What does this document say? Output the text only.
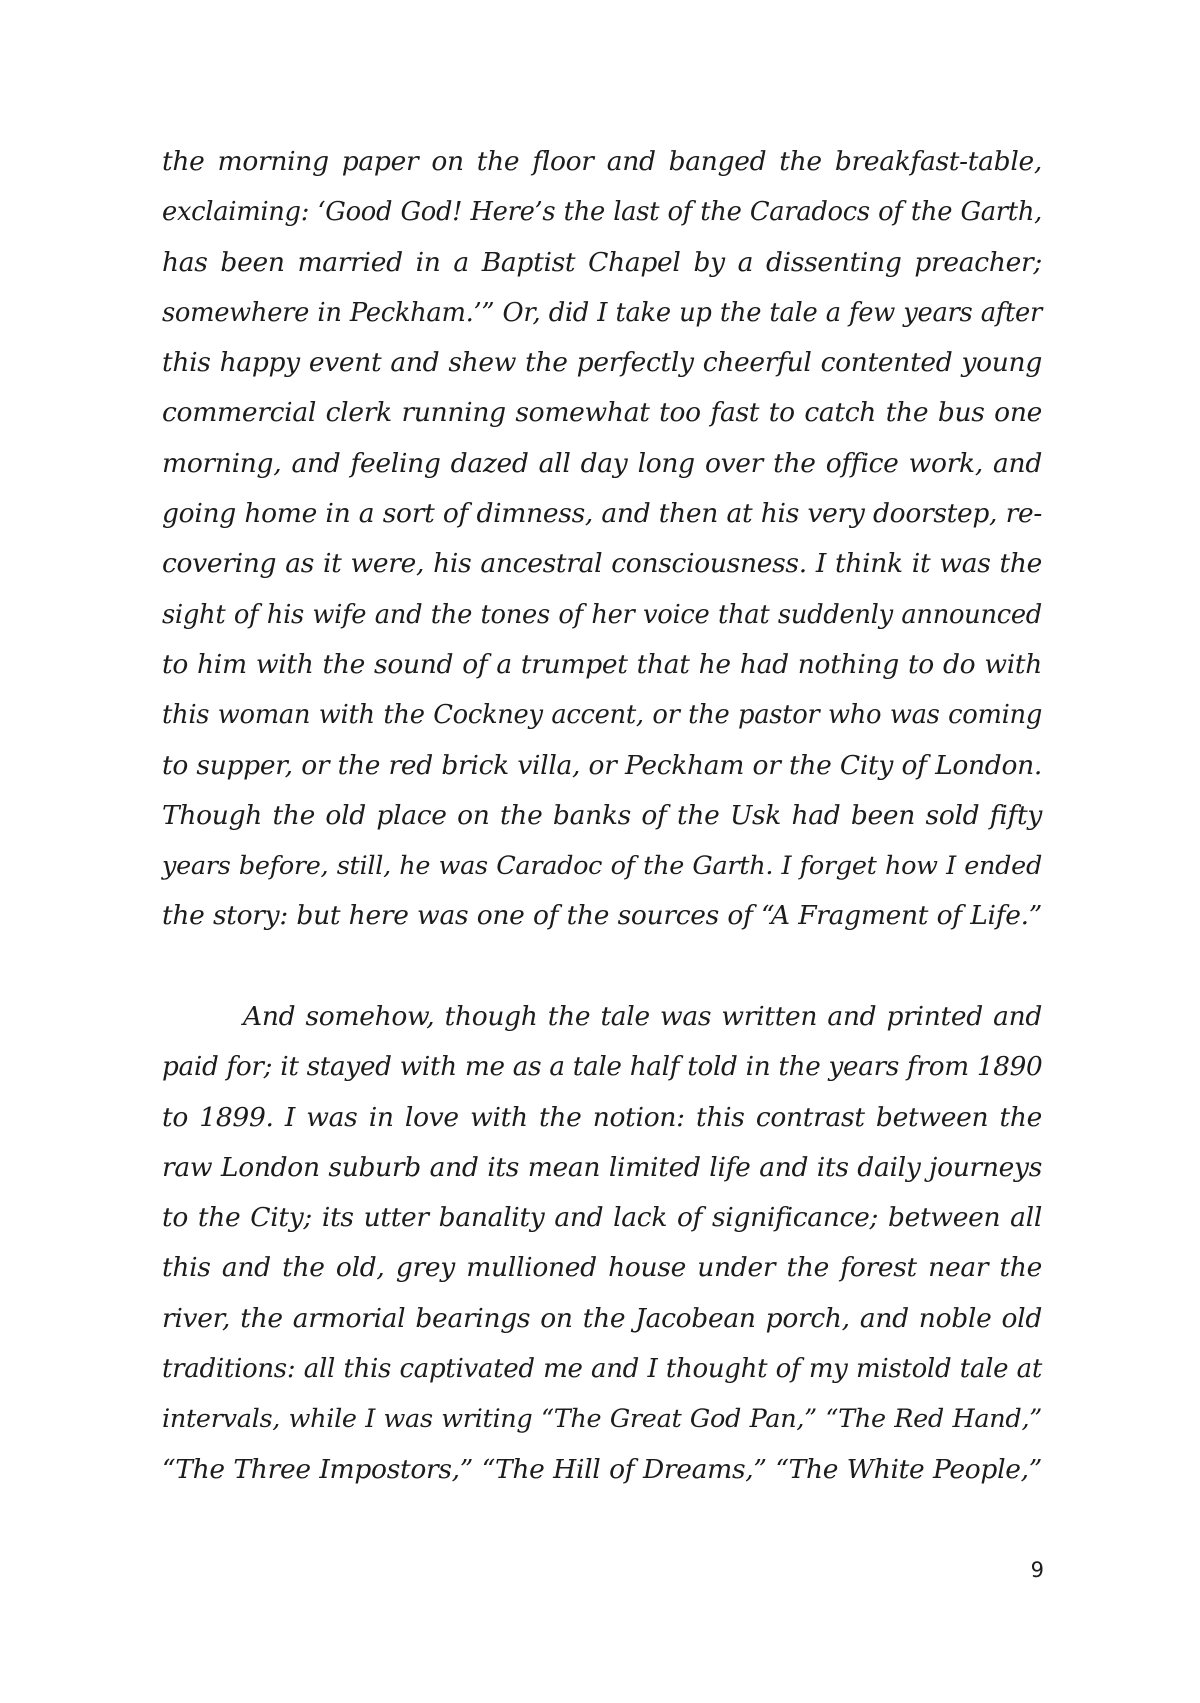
the morning paper on the floor and banged the breakfast-table,
exclaiming: ‘Good God! Here’s the last of the Caradocs of the Garth,
has been married in a Baptist Chapel by a dissenting preacher;
somewhere in Peckham.’” Or, did I take up the tale a few years after
this happy event and shew the perfectly cheerful contented young
commercial clerk running somewhat too fast to catch the bus one
morning, and feeling dazed all day long over the office work, and
going home in a sort of dimness, and then at his very doorstep, re-
covering as it were, his ancestral consciousness. I think it was the
sight of his wife and the tones of her voice that suddenly announced
to him with the sound of a trumpet that he had nothing to do with
this woman with the Cockney accent, or the pastor who was coming
to supper, or the red brick villa, or Peckham or the City of London.
Though the old place on the banks of the Usk had been sold fifty
years before, still, he was Caradoc of the Garth. I forget how I ended
the story: but here was one of the sources of “A Fragment of Life.”
And somehow, though the tale was written and printed and
paid for; it stayed with me as a tale half told in the years from 1890
to 1899. I was in love with the notion: this contrast between the
raw London suburb and its mean limited life and its daily journeys
to the City; its utter banality and lack of significance; between all
this and the old, grey mullioned house under the forest near the
river, the armorial bearings on the Jacobean porch, and noble old
traditions: all this captivated me and I thought of my mistold tale at
intervals, while I was writing “The Great God Pan,” “The Red Hand,”
“The Three Impostors,” “The Hill of Dreams,” “The White People,”
9
